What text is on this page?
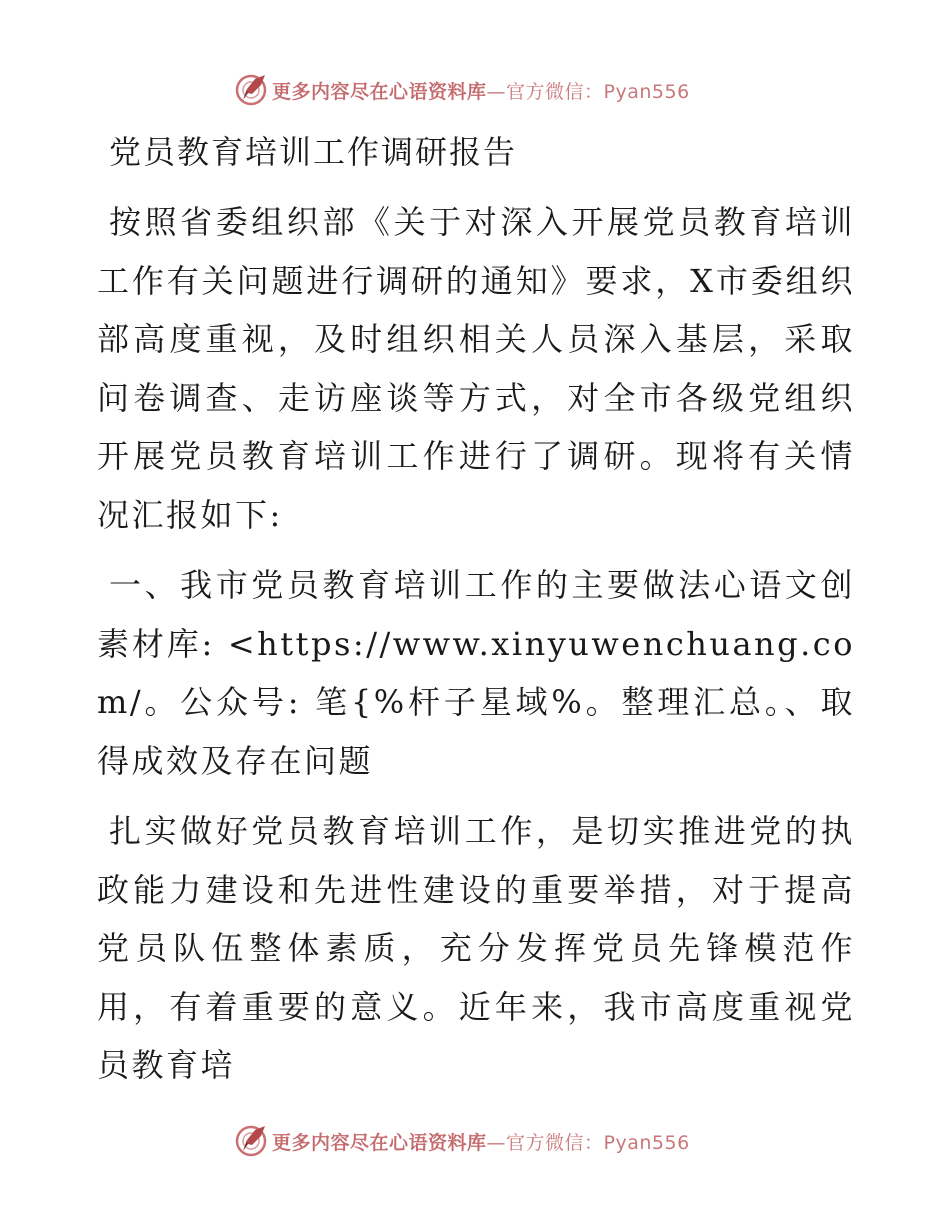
更多内容尽在心语资料库—官方微信：Pyan556
党员教育培训工作调研报告

按照省委组织部《关于对深入开展党员教育培训工作有关问题进行调研的通知》要求，X市委组织部高度重视，及时组织相关人员深入基层，采取问卷调查、走访座谈等方式，对全市各级党组织开展党员教育培训工作进行了调研。现将有关情况汇报如下:

一、我市党员教育培训工作的主要做法心语文创素材库: <https://www.xinyuwenchuang.com/。公众号: 笔{%杆子星域%。整理汇总。、取得成效及存在问题

扎实做好党员教育培训工作，是切实推进党的执政能力建设和先进性建设的重要举措，对于提高党员队伍整体素质，充分发挥党员先锋模范作用，有着重要的意义。近年来，我市高度重视党员教育培

更多内容尽在心语资料库—官方微信：Pyan556
